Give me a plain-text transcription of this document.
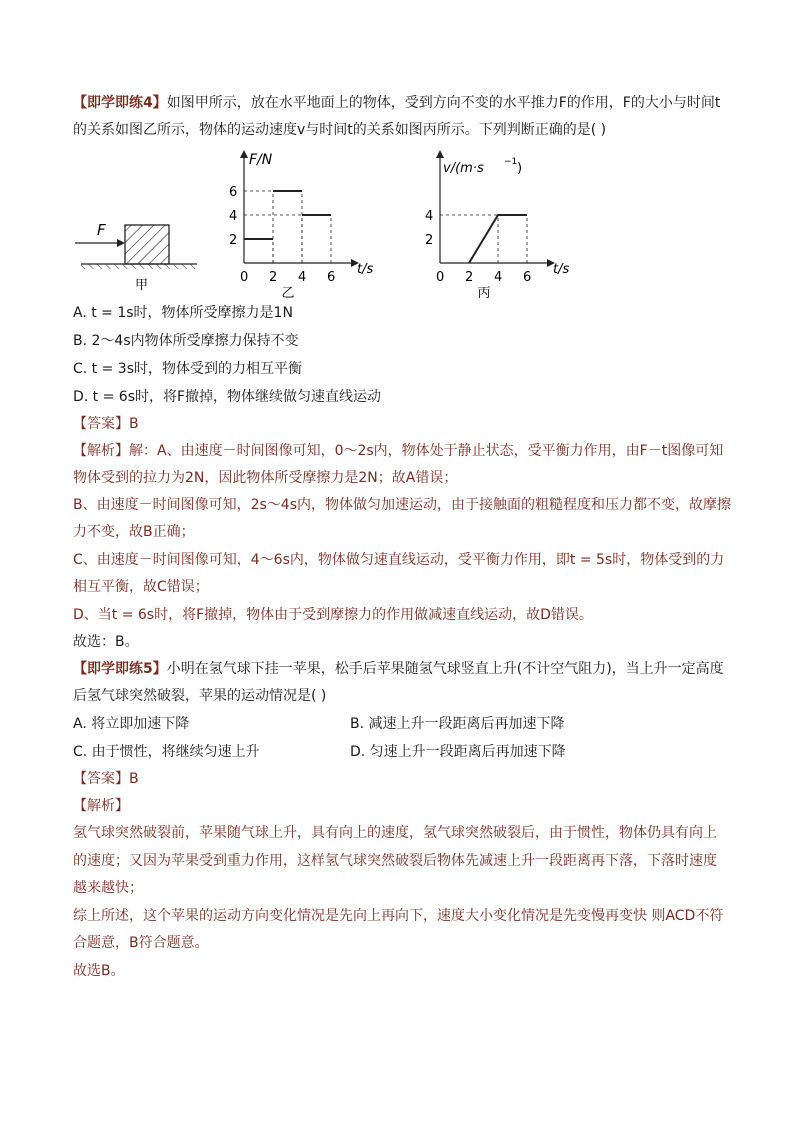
【即学即练4】如图甲所示，放在水平地面上的物体，受到方向不变的水平推力F的作用，F的大小与时间t
的关系如图乙所示，物体的运动速度v与时间t的关系如图丙所示。下列判断正确的是( )
F
甲
0 2 4 6
2
4
6
t/s
F/N
乙
0 2 4 6
2
4
t/s
v/(m·s −1 )
丙
A. t = 1s时，物体所受摩擦力是1N
B. 2～4s内物体所受摩擦力保持不变
C. t = 3s时，物体受到的力相互平衡
D. t = 6s时，将F撤掉，物体继续做匀速直线运动
【答案】B
【解析】解：A、由速度－时间图像可知，0～2s内，物体处于静止状态，受平衡力作用，由F－t图像可知
物体受到的拉力为2N，因此物体所受摩擦力是2N；故A错误；
B、由速度－时间图像可知，2s～4s内，物体做匀加速运动，由于接触面的粗糙程度和压力都不变，故摩擦
力不变，故B正确；
C、由速度－时间图像可知，4～6s内，物体做匀速直线运动，受平衡力作用，即t = 5s时，物体受到的力
相互平衡，故C错误；
D、当t = 6s时，将F撤掉，物体由于受到摩擦力的作用做减速直线运动，故D错误。
故选：B。
【即学即练5】小明在氢气球下挂一苹果，松手后苹果随氢气球竖直上升(不计空气阻力)，当上升一定高度
后氢气球突然破裂，苹果的运动情况是( )
A. 将立即加速下降	B. 减速上升一段距离后再加速下降
C. 由于惯性，将继续匀速上升	D. 匀速上升一段距离后再加速下降
【答案】B
【解析】
氢气球突然破裂前，苹果随气球上升，具有向上的速度，氢气球突然破裂后，由于惯性，物体仍具有向上
的速度；又因为苹果受到重力作用，这样氢气球突然破裂后物体先减速上升一段距离再下落，下落时速度
越来越快；
综上所述，这个苹果的运动方向变化情况是先向上再向下，速度大小变化情况是先变慢再变快 则ACD不符
合题意，B符合题意。
故选B。
